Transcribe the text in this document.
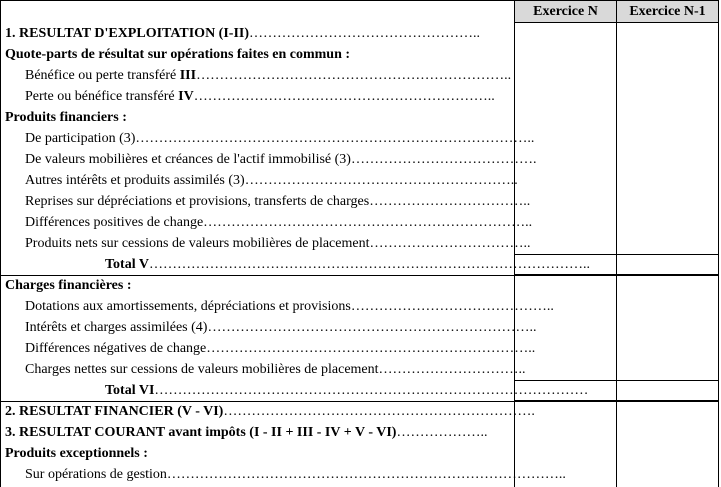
Exercice N	Exercice N-1
1. RESULTAT D'EXPLOITATION (I-II)…………………………………………..
Quote-parts de résultat sur opérations faites en commun :
Bénéfice ou perte transféré III…………………………………………………………..
Perte ou bénéfice transféré IV………………………………………………………..
Produits financiers :
De participation (3)…………………………………………………………………………..
De valeurs mobilières et créances de l'actif immobilisé (3)………………………………….
Autres intérêts et produits assimilés (3)…………………………………………………..
Reprises sur dépréciations et provisions, transferts de charges……………………………..
Différences positives de change……………………………………………………………..
Produits nets sur cessions de valeurs mobilières de placement……………………………..
Total V…………………………………………………………………………………..
Charges financières :
Dotations aux amortissements, dépréciations et provisions……………………………………..
Intérêts et charges assimilées (4)……………………………………………………………..
Différences négatives de change……………………………………………………………..
Charges nettes sur cessions de valeurs mobilières de placement…………………………..
Total VI…………………………………………………………………………………
2. RESULTAT FINANCIER (V - VI)………………………………………………………….
3. RESULTAT COURANT avant impôts (I - II + III - IV + V - VI)………………..
Produits exceptionnels :
Sur opérations de gestion…………………………………………………………………………..
